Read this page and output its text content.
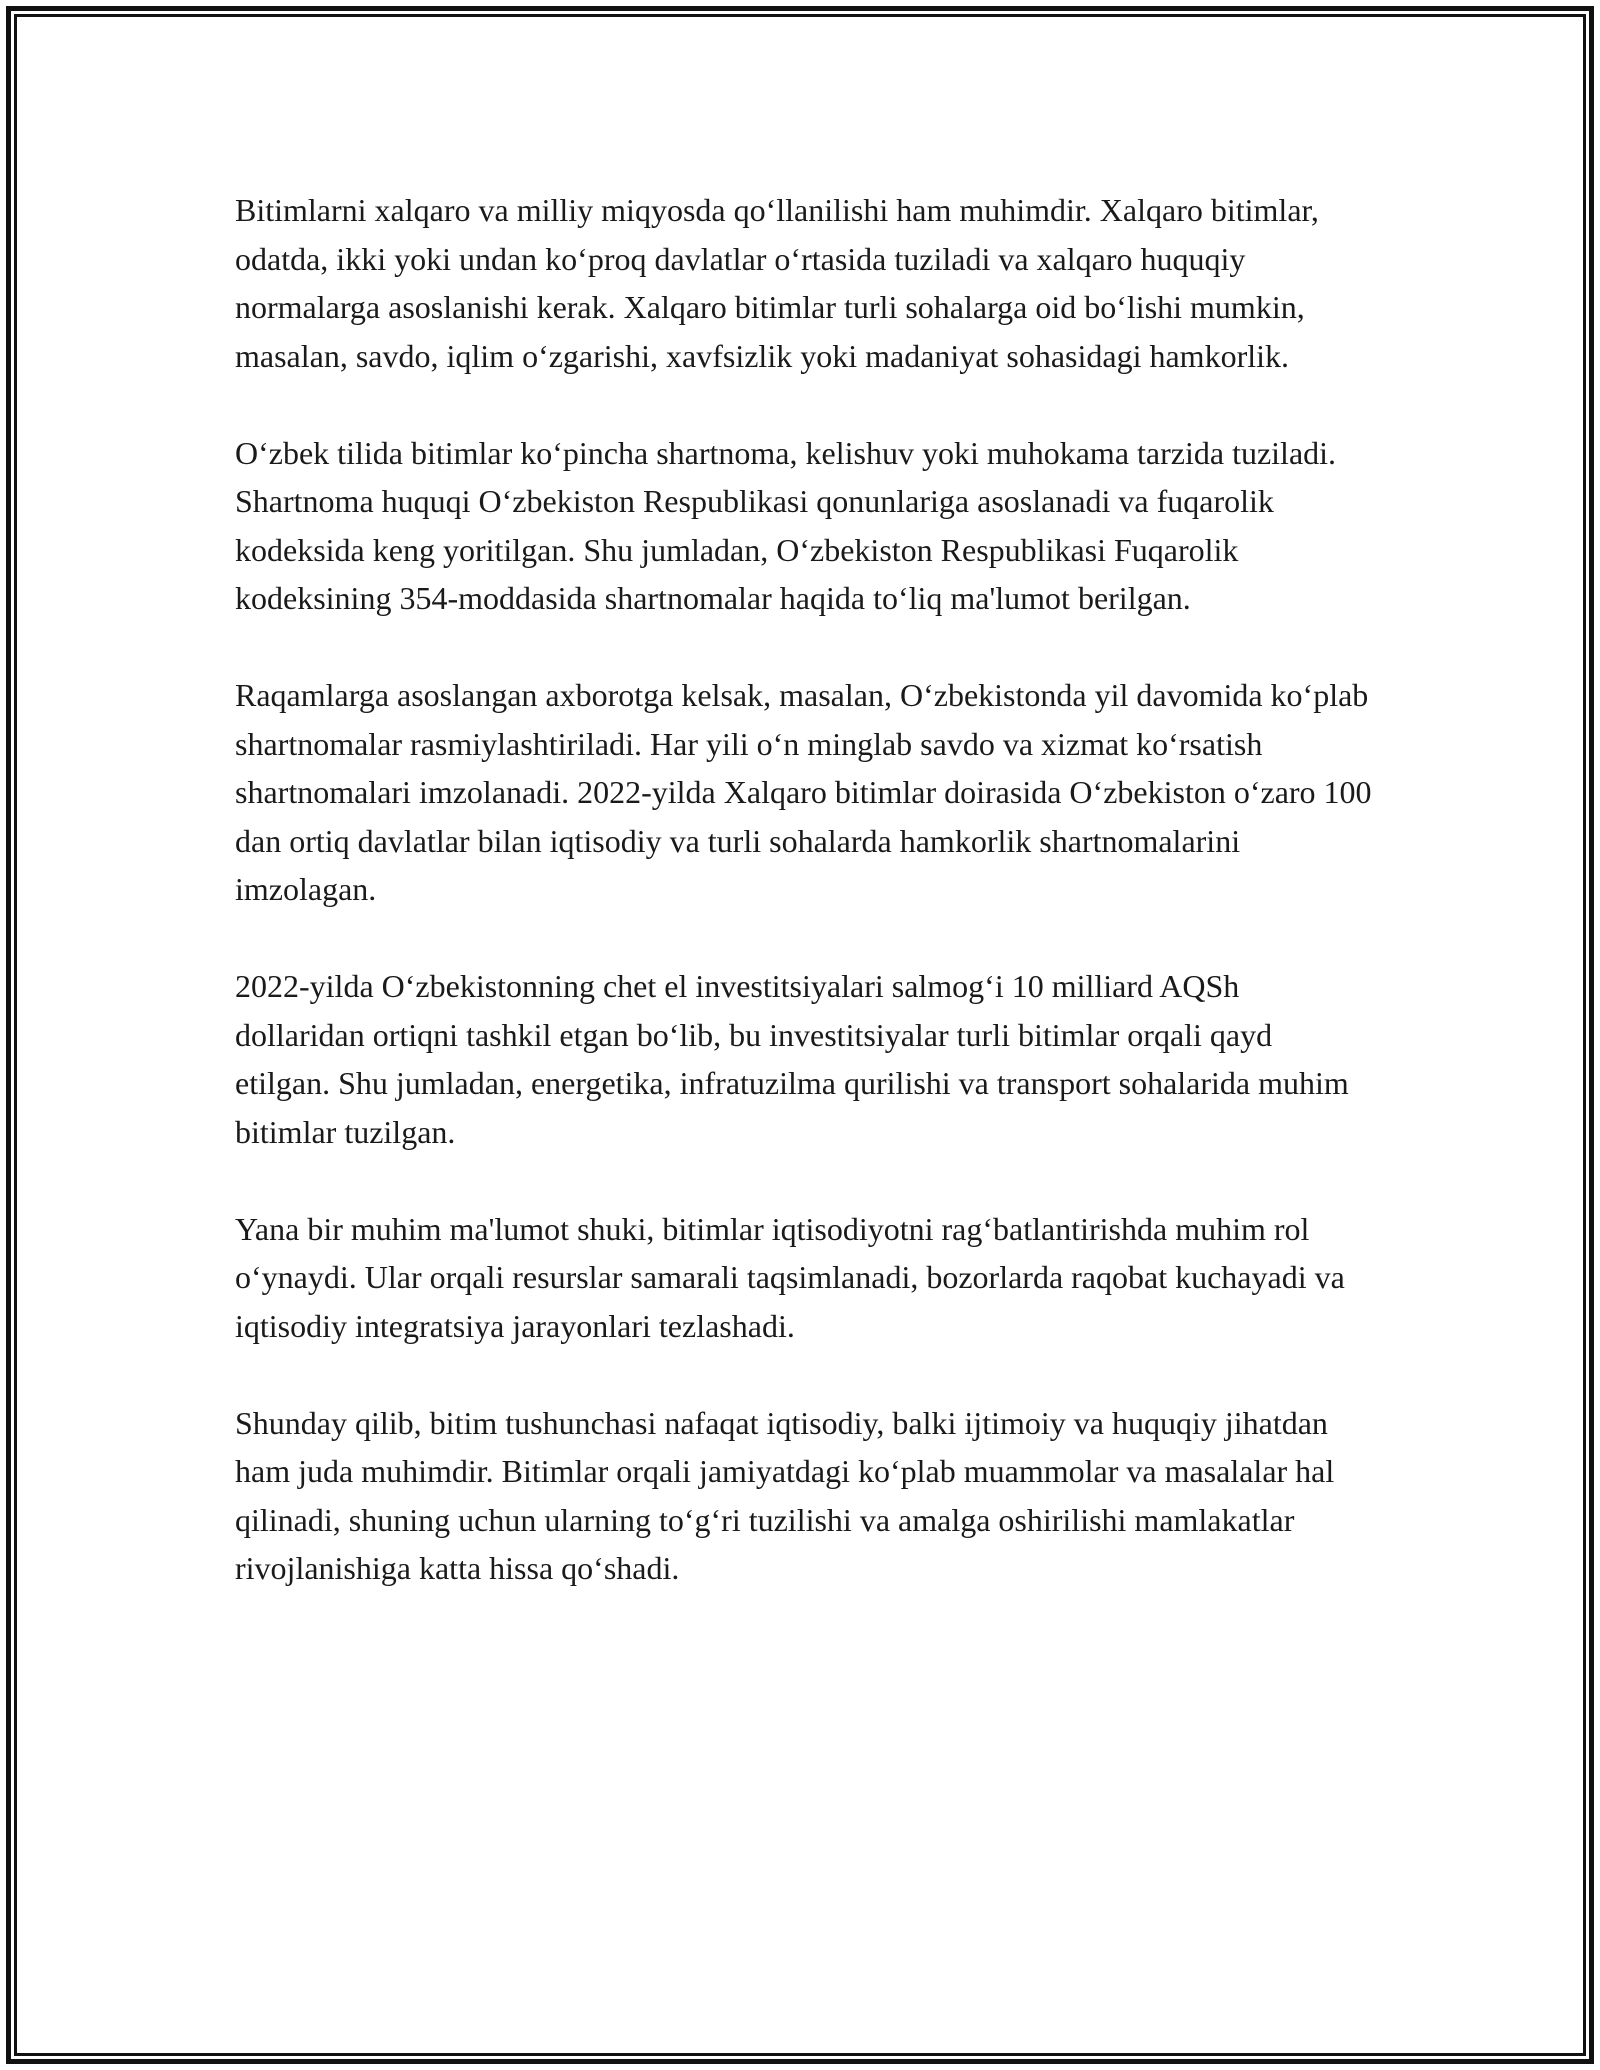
Bitimlarni xalqaro va milliy miqyosda qoʻllanilishi ham muhimdir. Xalqaro bitimlar, odatda, ikki yoki undan koʻproq davlatlar oʻrtasida tuziladi va xalqaro huquqiy normalarga asoslanishi kerak. Xalqaro bitimlar turli sohalarga oid boʻlishi mumkin, masalan, savdo, iqlim oʻzgarishi, xavfsizlik yoki madaniyat sohasidagi hamkorlik.

Oʻzbek tilida bitimlar koʻpincha shartnoma, kelishuv yoki muhokama tarzida tuziladi. Shartnoma huquqi Oʻzbekiston Respublikasi qonunlariga asoslanadi va fuqarolik kodeksida keng yoritilgan. Shu jumladan, Oʻzbekiston Respublikasi Fuqarolik kodeksining 354-moddasida shartnomalar haqida toʻliq ma'lumot berilgan.

Raqamlarga asoslangan axborotga kelsak, masalan, Oʻzbekistonda yil davomida koʻplab shartnomalar rasmiylashtiriladi. Har yili oʻn minglab savdo va xizmat koʻrsatish shartnomalari imzolanadi. 2022-yilda Xalqaro bitimlar doirasida Oʻzbekiston oʻzaro 100 dan ortiq davlatlar bilan iqtisodiy va turli sohalarda hamkorlik shartnomalarini imzolagan.

2022-yilda Oʻzbekistonning chet el investitsiyalari salmogʻi 10 milliard AQSh dollaridan ortiqni tashkil etgan boʻlib, bu investitsiyalar turli bitimlar orqali qayd etilgan. Shu jumladan, energetika, infratuzilma qurilishi va transport sohalarida muhim bitimlar tuzilgan.

Yana bir muhim ma'lumot shuki, bitimlar iqtisodiyotni ragʻbatlantirishda muhim rol oʻynaydi. Ular orqali resurslar samarali taqsimlanadi, bozorlarda raqobat kuchayadi va iqtisodiy integratsiya jarayonlari tezlashadi.

Shunday qilib, bitim tushunchasi nafaqat iqtisodiy, balki ijtimoiy va huquqiy jihatdan ham juda muhimdir. Bitimlar orqali jamiyatdagi koʻplab muammolar va masalalar hal qilinadi, shuning uchun ularning toʻgʻri tuzilishi va amalga oshirilishi mamlakatlar rivojlanishiga katta hissa qoʻshadi.
